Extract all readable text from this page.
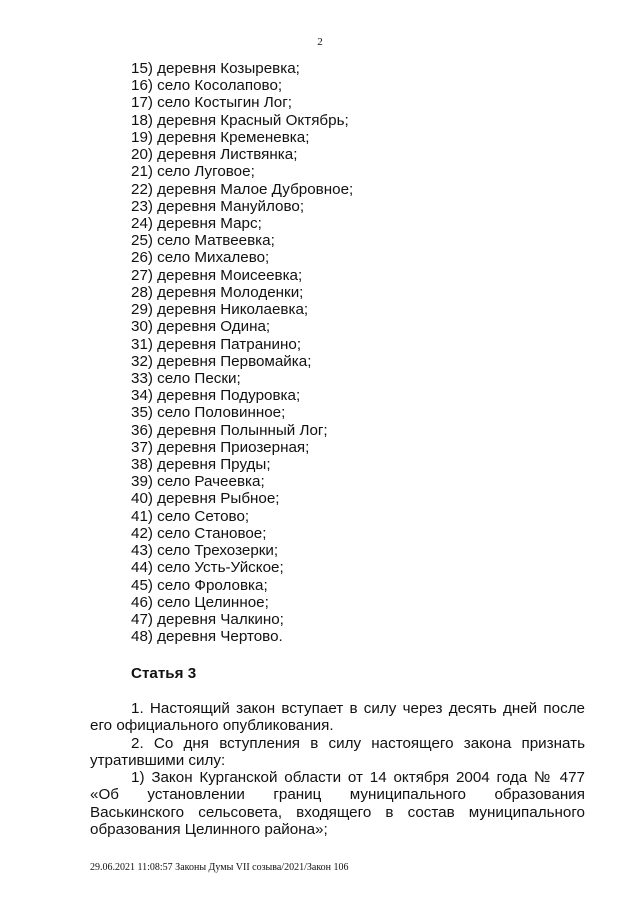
2
15) деревня Козыревка;
16) село Косолапово;
17) село Костыгин Лог;
18) деревня Красный Октябрь;
19) деревня Кременевка;
20) деревня Листвянка;
21) село Луговое;
22) деревня Малое Дубровное;
23) деревня Мануйлово;
24) деревня Марс;
25) село Матвеевка;
26) село Михалево;
27) деревня Моисеевка;
28) деревня Молоденки;
29) деревня Николаевка;
30) деревня Одина;
31) деревня Патранино;
32) деревня Первомайка;
33) село Пески;
34) деревня Подуровка;
35) село Половинное;
36) деревня Полынный Лог;
37) деревня Приозерная;
38) деревня Пруды;
39) село Рачеевка;
40) деревня Рыбное;
41) село Сетово;
42) село Становое;
43) село Трехозерки;
44) село Усть-Уйское;
45) село Фроловка;
46) село Целинное;
47) деревня Чалкино;
48) деревня Чертово.
Статья 3

1. Настоящий закон вступает в силу через десять дней после его официального опубликования.

2. Со дня вступления в силу настоящего закона признать утратившими силу:

1) Закон Курганской области от 14 октября 2004 года № 477 «Об установлении границ муниципального образования Васькинского сельсовета, входящего в состав муниципального образования Целинного района»;

29.06.2021 11:08:57 Законы Думы VII созыва/2021/Закон 106
